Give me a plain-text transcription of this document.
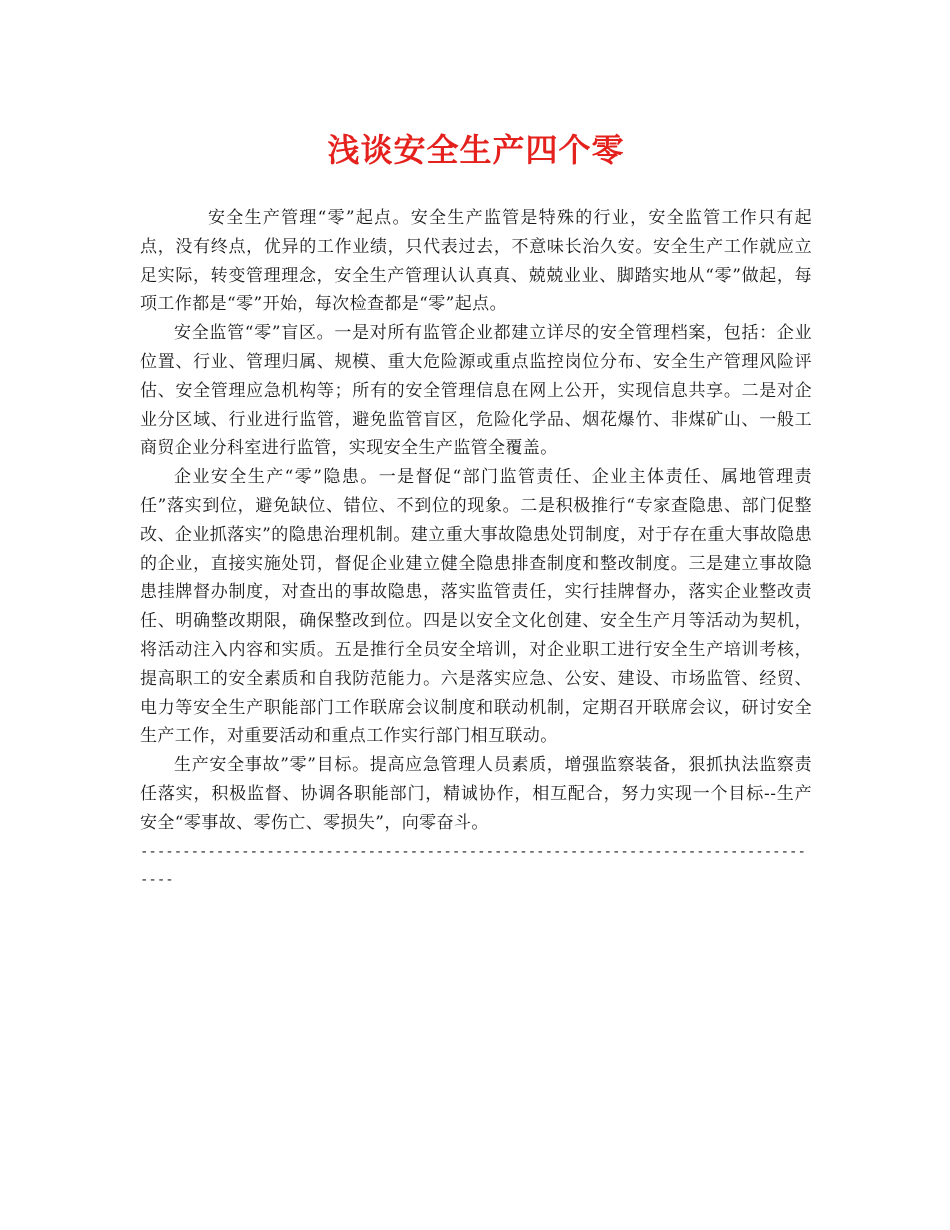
浅谈安全生产四个零

安全生产管理“零”起点。安全生产监管是特殊的行业，安全监管工作只有起点，没有终点，优异的工作业绩，只代表过去，不意味长治久安。安全生产工作就应立足实际，转变管理理念，安全生产管理认认真真、兢兢业业、脚踏实地从“零”做起，每项工作都是“零”开始，每次检查都是“零”起点。

安全监管“零”盲区。一是对所有监管企业都建立详尽的安全管理档案，包括：企业位置、行业、管理归属、规模、重大危险源或重点监控岗位分布、安全生产管理风险评估、安全管理应急机构等；所有的安全管理信息在网上公开，实现信息共享。二是对企业分区域、行业进行监管，避免监管盲区，危险化学品、烟花爆竹、非煤矿山、一般工商贸企业分科室进行监管，实现安全生产监管全覆盖。

企业安全生产“零”隐患。一是督促“部门监管责任、企业主体责任、属地管理责任”落实到位，避免缺位、错位、不到位的现象。二是积极推行“专家查隐患、部门促整改、企业抓落实”的隐患治理机制。建立重大事故隐患处罚制度，对于存在重大事故隐患的企业，直接实施处罚，督促企业建立健全隐患排查制度和整改制度。三是建立事故隐患挂牌督办制度，对查出的事故隐患，落实监管责任，实行挂牌督办，落实企业整改责任、明确整改期限，确保整改到位。四是以安全文化创建、安全生产月等活动为契机，将活动注入内容和实质。五是推行全员安全培训，对企业职工进行安全生产培训考核，提高职工的安全素质和自我防范能力。六是落实应急、公安、建设、市场监管、经贸、电力等安全生产职能部门工作联席会议制度和联动机制，定期召开联席会议，研讨安全生产工作，对重要活动和重点工作实行部门相互联动。

生产安全事故”零”目标。提高应急管理人员素质，增强监察装备，狠抓执法监察责任落实，积极监督、协调各职能部门，精诚协作，相互配合，努力实现一个目标--生产安全“零事故、零伤亡、零损失”，向零奋斗。

-----------------------------------------------------------------------------------
